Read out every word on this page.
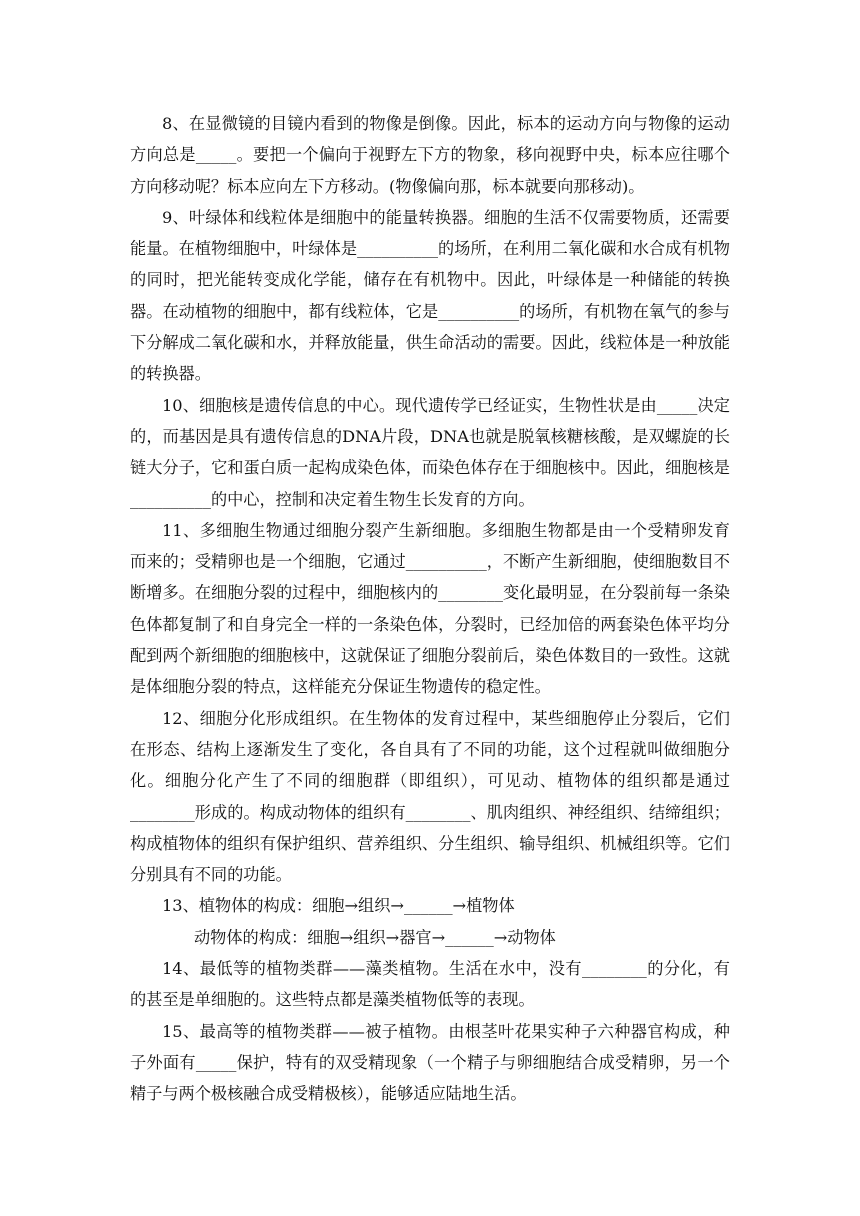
8、在显微镜的目镜内看到的物像是倒像。因此，标本的运动方向与物像的运动方向总是_____。要把一个偏向于视野左下方的物象，移向视野中央，标本应往哪个方向移动呢？标本应向左下方移动。(物像偏向那，标本就要向那移动)。

9、叶绿体和线粒体是细胞中的能量转换器。细胞的生活不仅需要物质，还需要能量。在植物细胞中，叶绿体是__________的场所，在利用二氧化碳和水合成有机物的同时，把光能转变成化学能，储存在有机物中。因此，叶绿体是一种储能的转换器。在动植物的细胞中，都有线粒体，它是__________的场所，有机物在氧气的参与下分解成二氧化碳和水，并释放能量，供生命活动的需要。因此，线粒体是一种放能的转换器。

10、细胞核是遗传信息的中心。现代遗传学已经证实，生物性状是由_____决定的，而基因是具有遗传信息的DNA片段，DNA也就是脱氧核糖核酸，是双螺旋的长链大分子，它和蛋白质一起构成染色体，而染色体存在于细胞核中。因此，细胞核是__________的中心，控制和决定着生物生长发育的方向。

11、多细胞生物通过细胞分裂产生新细胞。多细胞生物都是由一个受精卵发育而来的；受精卵也是一个细胞，它通过__________，不断产生新细胞，使细胞数目不断增多。在细胞分裂的过程中，细胞核内的________变化最明显，在分裂前每一条染色体都复制了和自身完全一样的一条染色体，分裂时，已经加倍的两套染色体平均分配到两个新细胞的细胞核中，这就保证了细胞分裂前后，染色体数目的一致性。这就是体细胞分裂的特点，这样能充分保证生物遗传的稳定性。

12、细胞分化形成组织。在生物体的发育过程中，某些细胞停止分裂后，它们在形态、结构上逐渐发生了变化，各自具有了不同的功能，这个过程就叫做细胞分化。细胞分化产生了不同的细胞群（即组织），可见动、植物体的组织都是通过________形成的。构成动物体的组织有________、肌肉组织、神经组织、结缔组织；构成植物体的组织有保护组织、营养组织、分生组织、输导组织、机械组织等。它们分别具有不同的功能。

13、植物体的构成：细胞→组织→______→植物体

动物体的构成：细胞→组织→器官→______→动物体

14、最低等的植物类群——藻类植物。生活在水中，没有________的分化，有的甚至是单细胞的。这些特点都是藻类植物低等的表现。

15、最高等的植物类群——被子植物。由根茎叶花果实种子六种器官构成，种子外面有_____保护，特有的双受精现象（一个精子与卵细胞结合成受精卵，另一个精子与两个极核融合成受精极核），能够适应陆地生活。
